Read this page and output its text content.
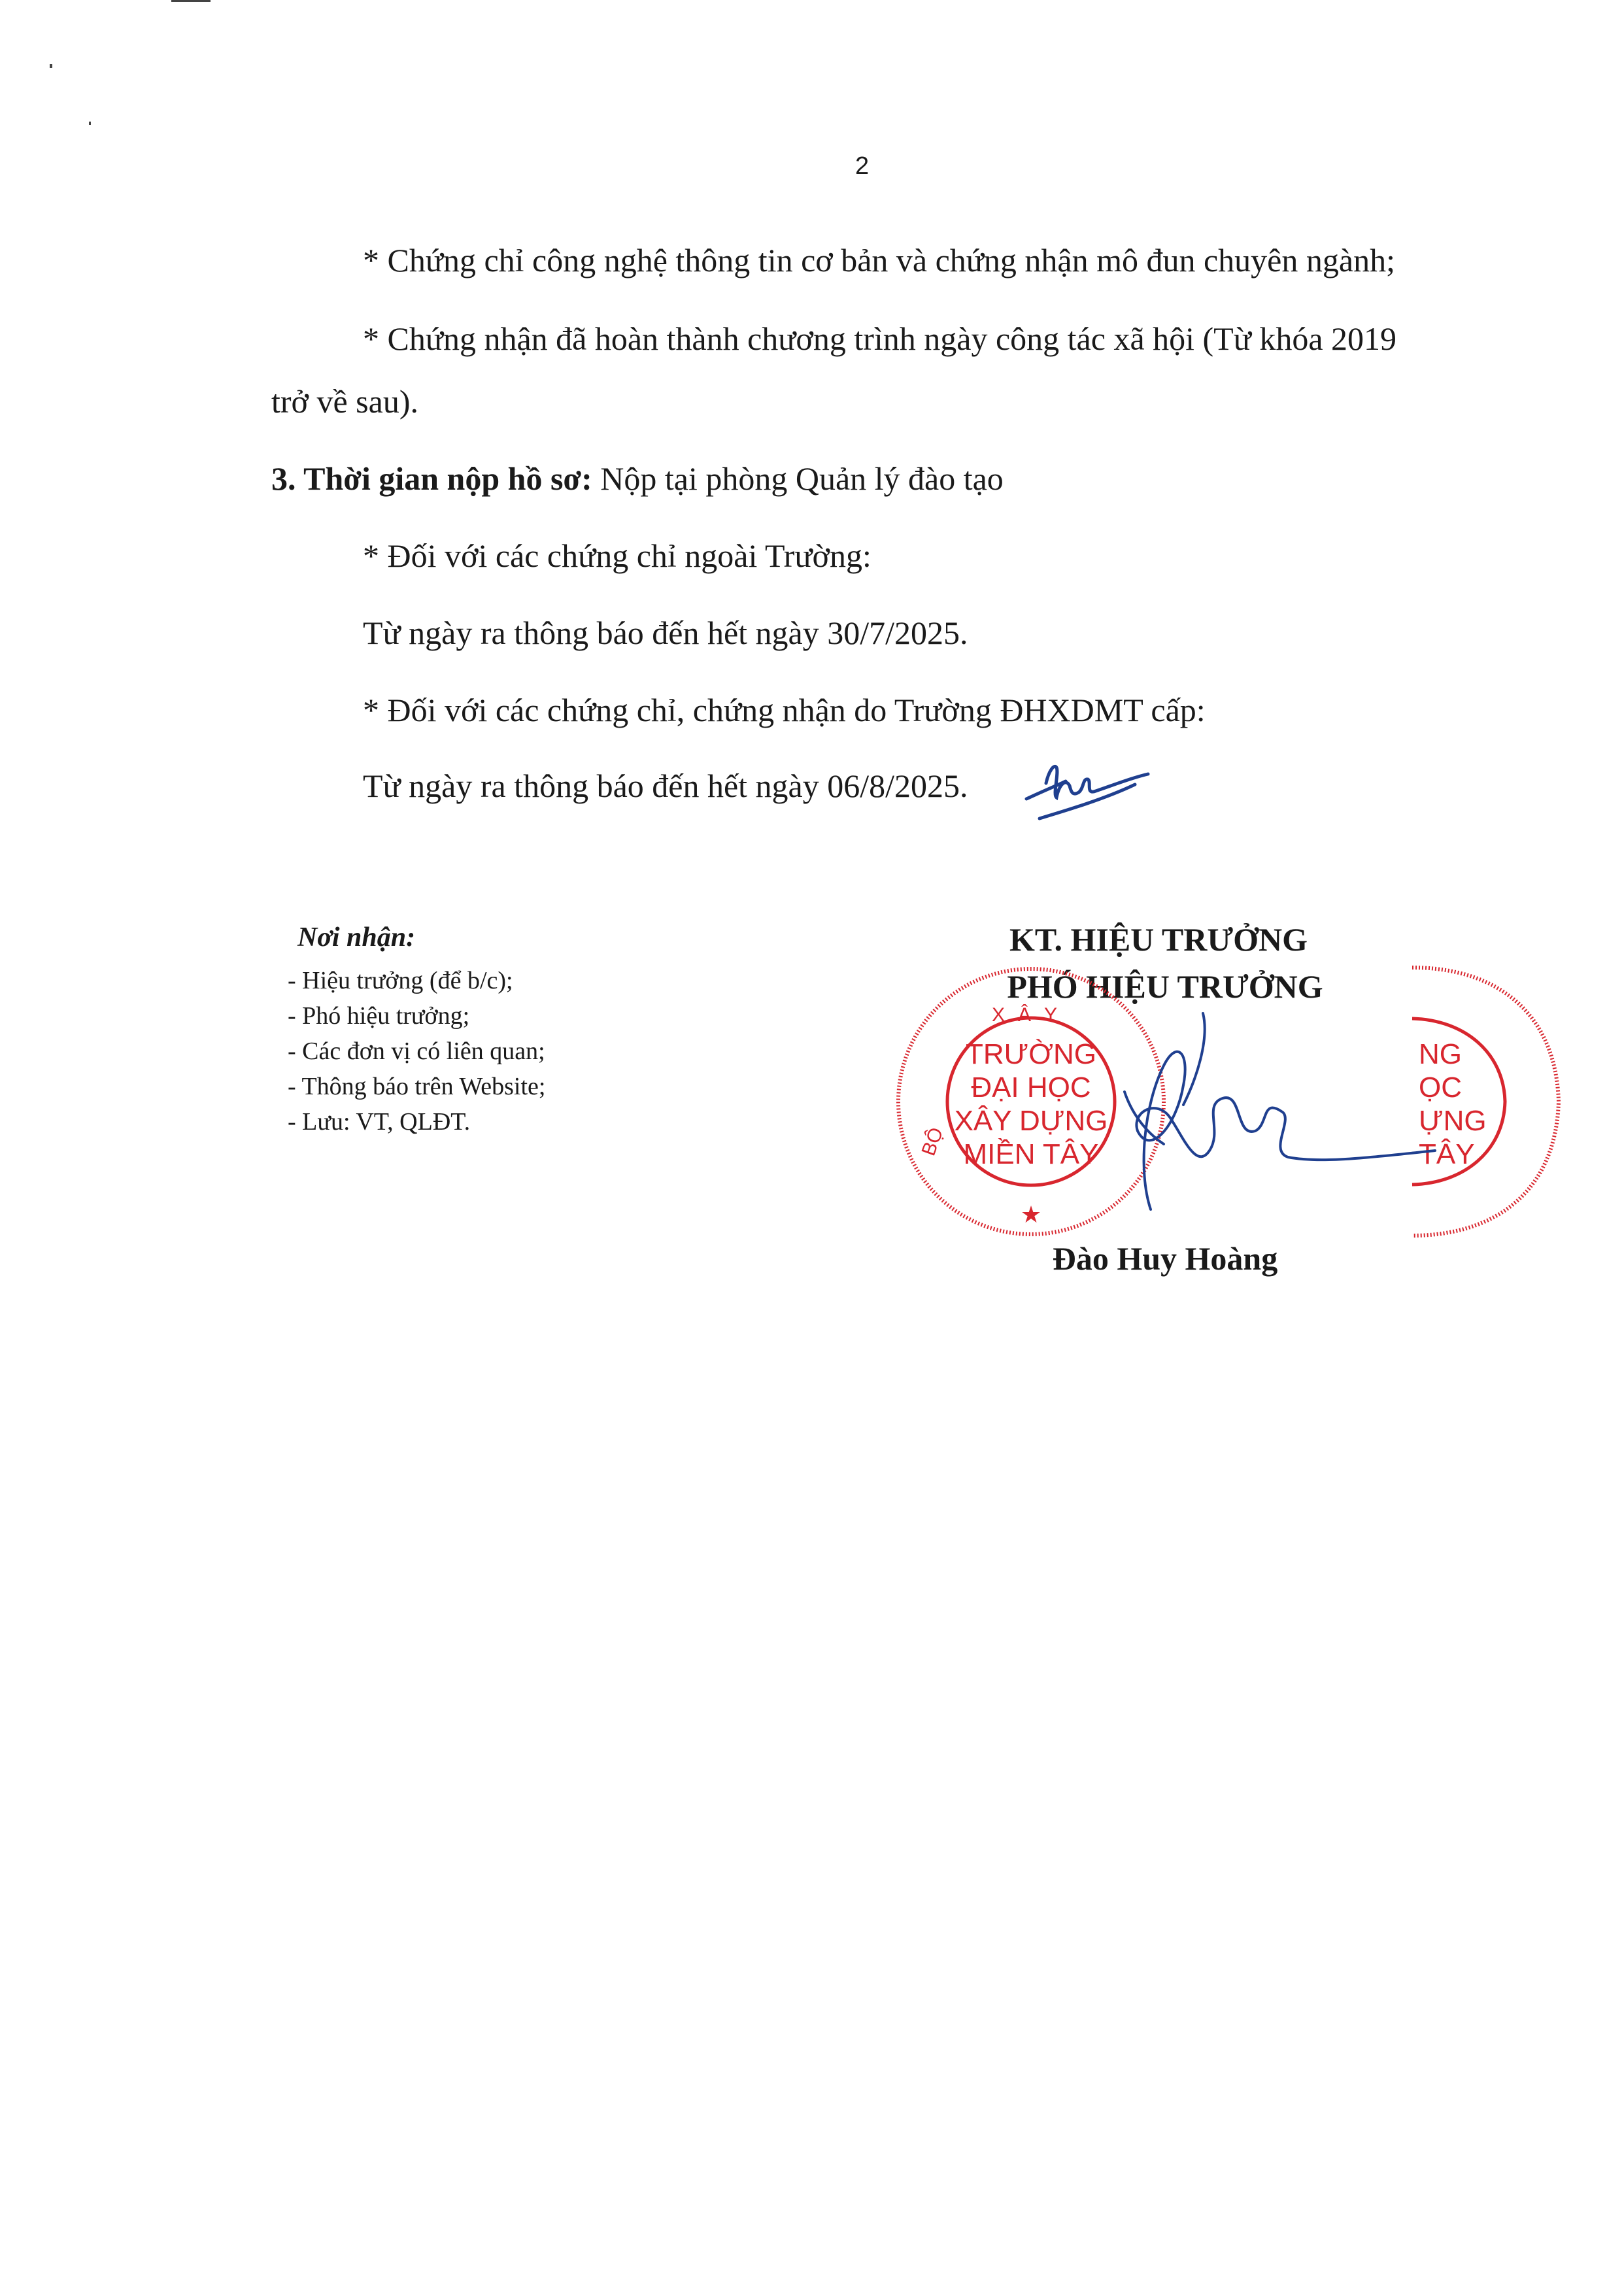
2
* Chứng chỉ công nghệ thông tin cơ bản và chứng nhận mô đun chuyên ngành;
* Chứng nhận đã hoàn thành chương trình ngày công tác xã hội (Từ khóa 2019
trở về sau).
3. Thời gian nộp hồ sơ: Nộp tại phòng Quản lý đào tạo
* Đối với các chứng chỉ ngoài Trường:
Từ ngày ra thông báo đến hết ngày 30/7/2025.
* Đối với các chứng chỉ, chứng nhận do Trường ĐHXDMT cấp:
Từ ngày ra thông báo đến hết ngày 06/8/2025.
Nơi nhận:
- Hiệu trưởng (để b/c);
- Phó hiệu trưởng;
- Các đơn vị có liên quan;
- Thông báo trên Website;
- Lưu: VT, QLĐT.
KT. HIỆU TRƯỞNG
PHÓ HIỆU TRƯỞNG
XÂY
BỘ
TRƯỜNG
ĐẠI HỌC
XÂY DỰNG
MIỀN TÂY
★
NG
ỌC
ỰNG
TÂY
Đào Huy Hoàng
